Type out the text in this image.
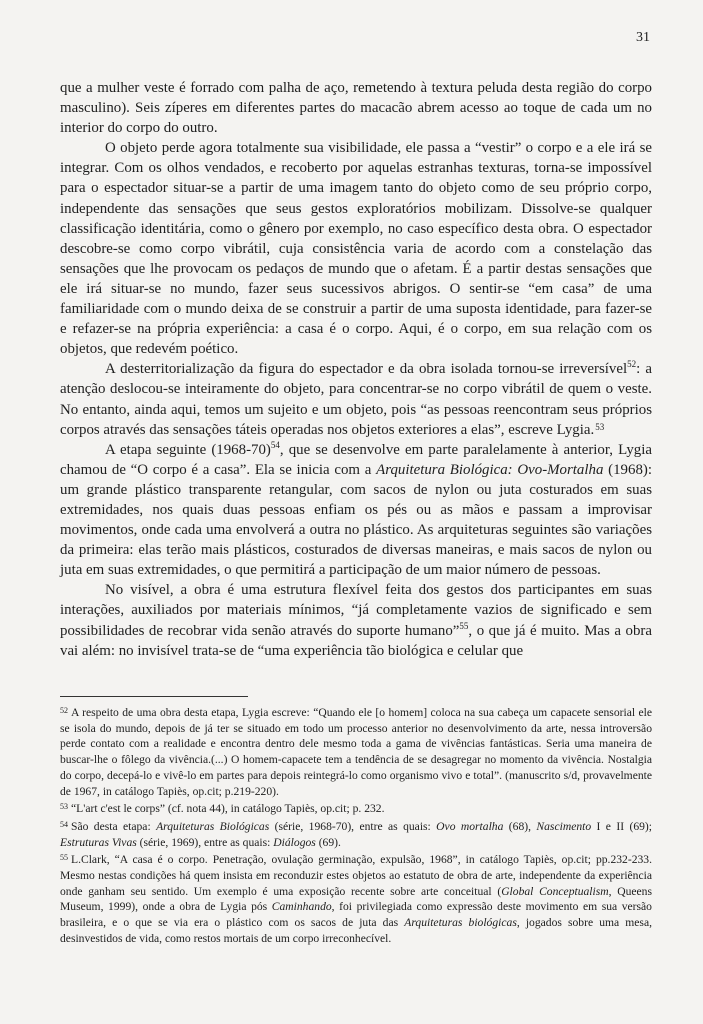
31

que a mulher veste é forrado com palha de aço, remetendo à textura peluda desta região do corpo masculino). Seis zíperes em diferentes partes do macacão abrem acesso ao toque de cada um no interior do corpo do outro.

O objeto perde agora totalmente sua visibilidade, ele passa a “vestir” o corpo e a ele irá se integrar. Com os olhos vendados, e recoberto por aquelas estranhas texturas, torna-se impossível para o espectador situar-se a partir de uma imagem tanto do objeto como de seu próprio corpo, independente das sensações que seus gestos exploratórios mobilizam. Dissolve-se qualquer classificação identitária, como o gênero por exemplo, no caso específico desta obra. O espectador descobre-se como corpo vibrátil, cuja consistência varia de acordo com a constelação das sensações que lhe provocam os pedaços de mundo que o afetam. É a partir destas sensações que ele irá situar-se no mundo, fazer seus sucessivos abrigos. O sentir-se “em casa” de uma familiaridade com o mundo deixa de se construir a partir de uma suposta identidade, para fazer-se e refazer-se na própria experiência: a casa é o corpo. Aqui, é o corpo, em sua relação com os objetos, que redevém poético.

A desterritorialização da figura do espectador e da obra isolada tornou-se irreversível$^{52}$: a atenção deslocou-se inteiramente do objeto, para concentrar-se no corpo vibrátil de quem o veste. No entanto, ainda aqui, temos um sujeito e um objeto, pois “as pessoas reencontram seus próprios corpos através das sensações táteis operadas nos objetos exteriores a elas”, escreve Lygia.$^{53}$

A etapa seguinte (1968-70)$^{54}$, que se desenvolve em parte paralelamente à anterior, Lygia chamou de “O corpo é a casa”. Ela se inicia com a Arquitetura Biológica: Ovo-Mortalha (1968): um grande plástico transparente retangular, com sacos de nylon ou juta costurados em suas extremidades, nos quais duas pessoas enfiam os pés ou as mãos e passam a improvisar movimentos, onde cada uma envolverá a outra no plástico. As arquiteturas seguintes são variações da primeira: elas terão mais plásticos, costurados de diversas maneiras, e mais sacos de nylon ou juta em suas extremidades, o que permitirá a participação de um maior número de pessoas.

No visível, a obra é uma estrutura flexível feita dos gestos dos participantes em suas interações, auxiliados por materiais mínimos, “já completamente vazios de significado e sem possibilidades de recobrar vida senão através do suporte humano”$^{55}$, o que já é muito. Mas a obra vai além: no invisível trata-se de “uma experiência tão biológica e celular que

$^{52}$ A respeito de uma obra desta etapa, Lygia escreve: “Quando ele [o homem] coloca na sua cabeça um capacete sensorial ele se isola do mundo, depois de já ter se situado em todo um processo anterior no desenvolvimento da arte, nessa introversão perde contato com a realidade e encontra dentro dele mesmo toda a gama de vivências fantásticas. Seria uma maneira de buscar-lhe o fôlego da vivência.(...) O homem-capacete tem a tendência de se desagregar no momento da vivência. Nostalgia do corpo, decepá-lo e vivê-lo em partes para depois reintegrá-lo como organismo vivo e total”. (manuscrito s/d, provavelmente de 1967, in catálogo Tapiès, op.cit; p.219-220).

$^{53}$ “L'art c'est le corps” (cf. nota 44), in catálogo Tapiès, op.cit; p. 232.

$^{54}$ São desta etapa: Arquiteturas Biológicas (série, 1968-70), entre as quais: Ovo mortalha (68), Nascimento I e II (69); Estruturas Vivas (série, 1969), entre as quais: Diálogos (69).

$^{55}$ L.Clark, “A casa é o corpo. Penetração, ovulação germinação, expulsão, 1968”, in catálogo Tapiès, op.cit; pp.232-233. Mesmo nestas condições há quem insista em reconduzir estes objetos ao estatuto de obra de arte, independente da experiência onde ganham seu sentido. Um exemplo é uma exposição recente sobre arte conceitual (Global Conceptualism, Queens Museum, 1999), onde a obra de Lygia pós Caminhando, foi privilegiada como expressão deste movimento em sua versão brasileira, e o que se via era o plástico com os sacos de juta das Arquiteturas biológicas, jogados sobre uma mesa, desinvestidos de vida, como restos mortais de um corpo irreconhecível.
